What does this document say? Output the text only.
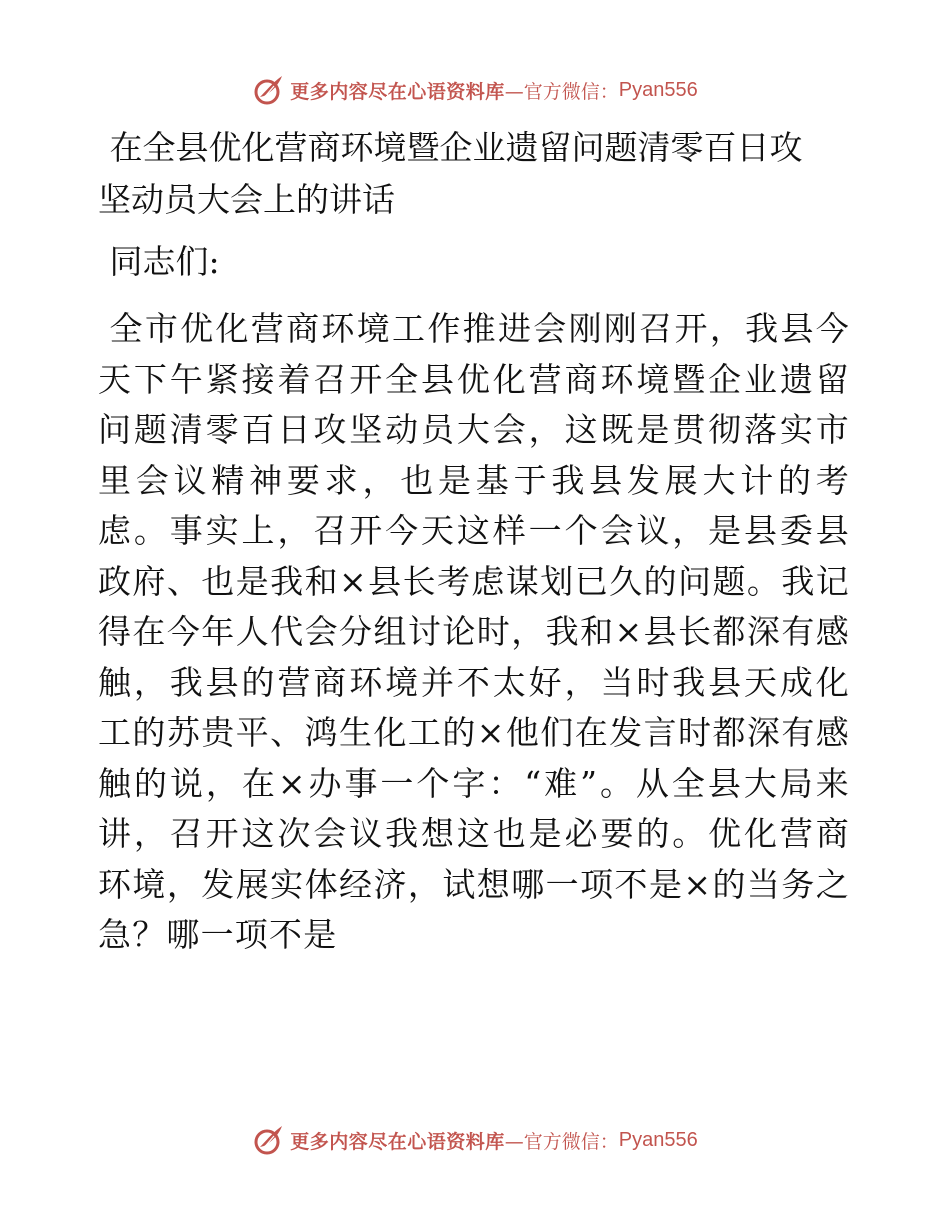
更多内容尽在心语资料库 —官方微信： Pyan556
在全县优化营商环境暨企业遗留问题清零百日攻
坚动员大会上的讲话

同志们:

全市优化营商环境工作推进会刚刚召开，我县今天下午紧接着召开全县优化营商环境暨企业遗留问题清零百日攻坚动员大会，这既是贯彻落实市里会议精神要求，也是基于我县发展大计的考虑。事实上，召开今天这样一个会议，是县委县政府、也是我和×县长考虑谋划已久的问题。我记得在今年人代会分组讨论时，我和×县长都深有感触，我县的营商环境并不太好，当时我县天成化工的苏贵平、鸿生化工的×他们在发言时都深有感触的说，在×办事一个字：“难”。从全县大局来讲，召开这次会议我想这也是必要的。优化营商环境，发展实体经济，试想哪一项不是×的当务之急？哪一项不是

更多内容尽在心语资料库 —官方微信： Pyan556
